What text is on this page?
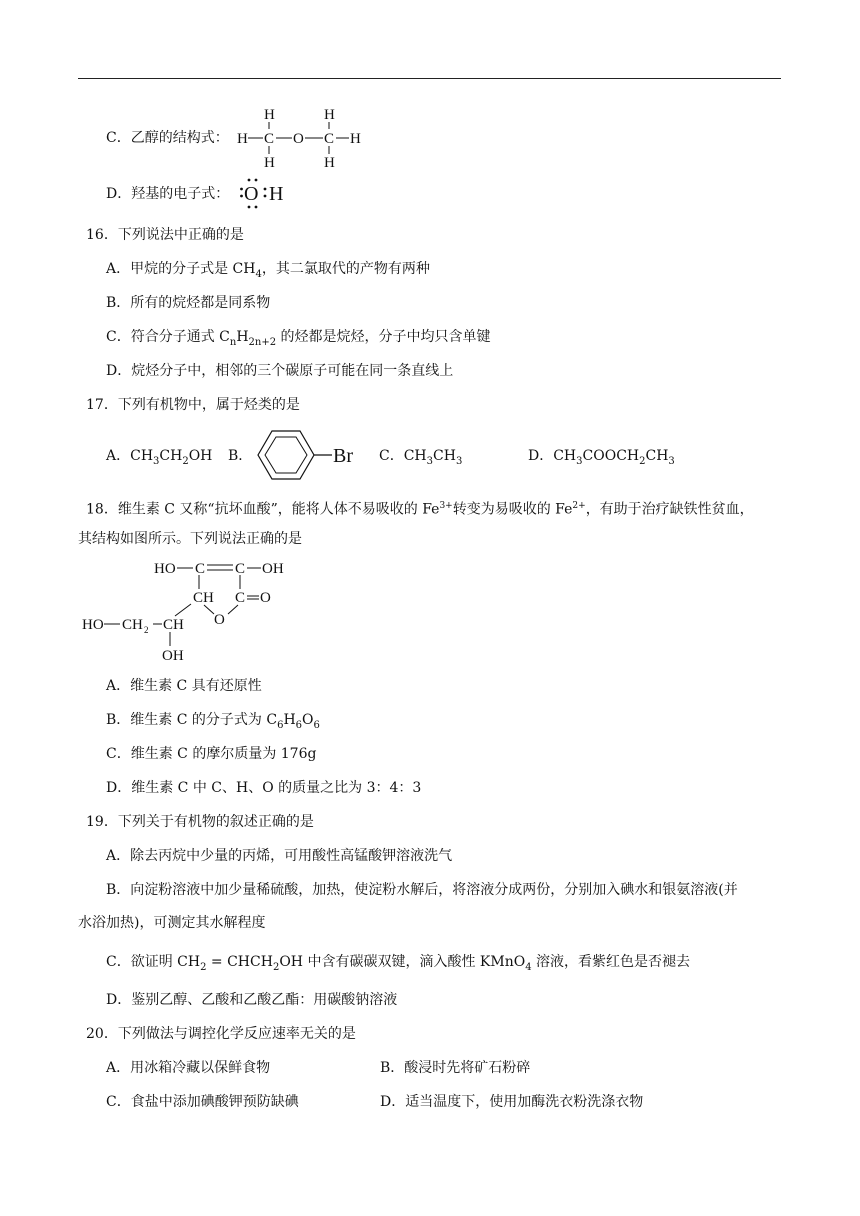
C．乙醇的结构式：
H	H
H
H	H
C O C H
D．羟基的电子式： O H
16．下列说法中正确的是
A．甲烷的分子式是 $CH_4$，其二氯取代的产物有两种
B．所有的烷烃都是同系物
C．符合分子通式 $C_nH_{2n+2}$ 的烃都是烷烃，分子中均只含单键
D．烷烃分子中，相邻的三个碳原子可能在同一条直线上
17．下列有机物中，属于烃类的是
A．$CH_3CH_2OH$ B．	Br C．$CH_3CH_3$	D．$CH_3COOCH_2CH_3$
18．维生素 C 又称“抗坏血酸”，能将人体不易吸收的 $Fe^{3+}$转变为易吸收的 $Fe^{2+}$，有助于治疗缺铁性贫血，
其结构如图所示。下列说法正确的是
HO C C OH
CH C O
O
HO CH 2 CH
OH
A．维生素 C 具有还原性
B．维生素 C 的分子式为 $C_6H_6O_6$
C．维生素 C 的摩尔质量为 176g
D．维生素 C 中 C、H、O 的质量之比为 3：4：3
19．下列关于有机物的叙述正确的是
A．除去丙烷中少量的丙烯，可用酸性高锰酸钾溶液洗气
B．向淀粉溶液中加少量稀硫酸，加热，使淀粉水解后，将溶液分成两份，分别加入碘水和银氨溶液(并
水浴加热)，可测定其水解程度
C．欲证明 $CH_2$ = $CHCH_2OH$ 中含有碳碳双键，滴入酸性 KMnO$_4$ 溶液，看紫红色是否褪去
D．鉴别乙醇、乙酸和乙酸乙酯：用碳酸钠溶液
20．下列做法与调控化学反应速率无关的是
A．用冰箱冷藏以保鲜食物	B．酸浸时先将矿石粉碎
C．食盐中添加碘酸钾预防缺碘	D．适当温度下，使用加酶洗衣粉洗涤衣物
